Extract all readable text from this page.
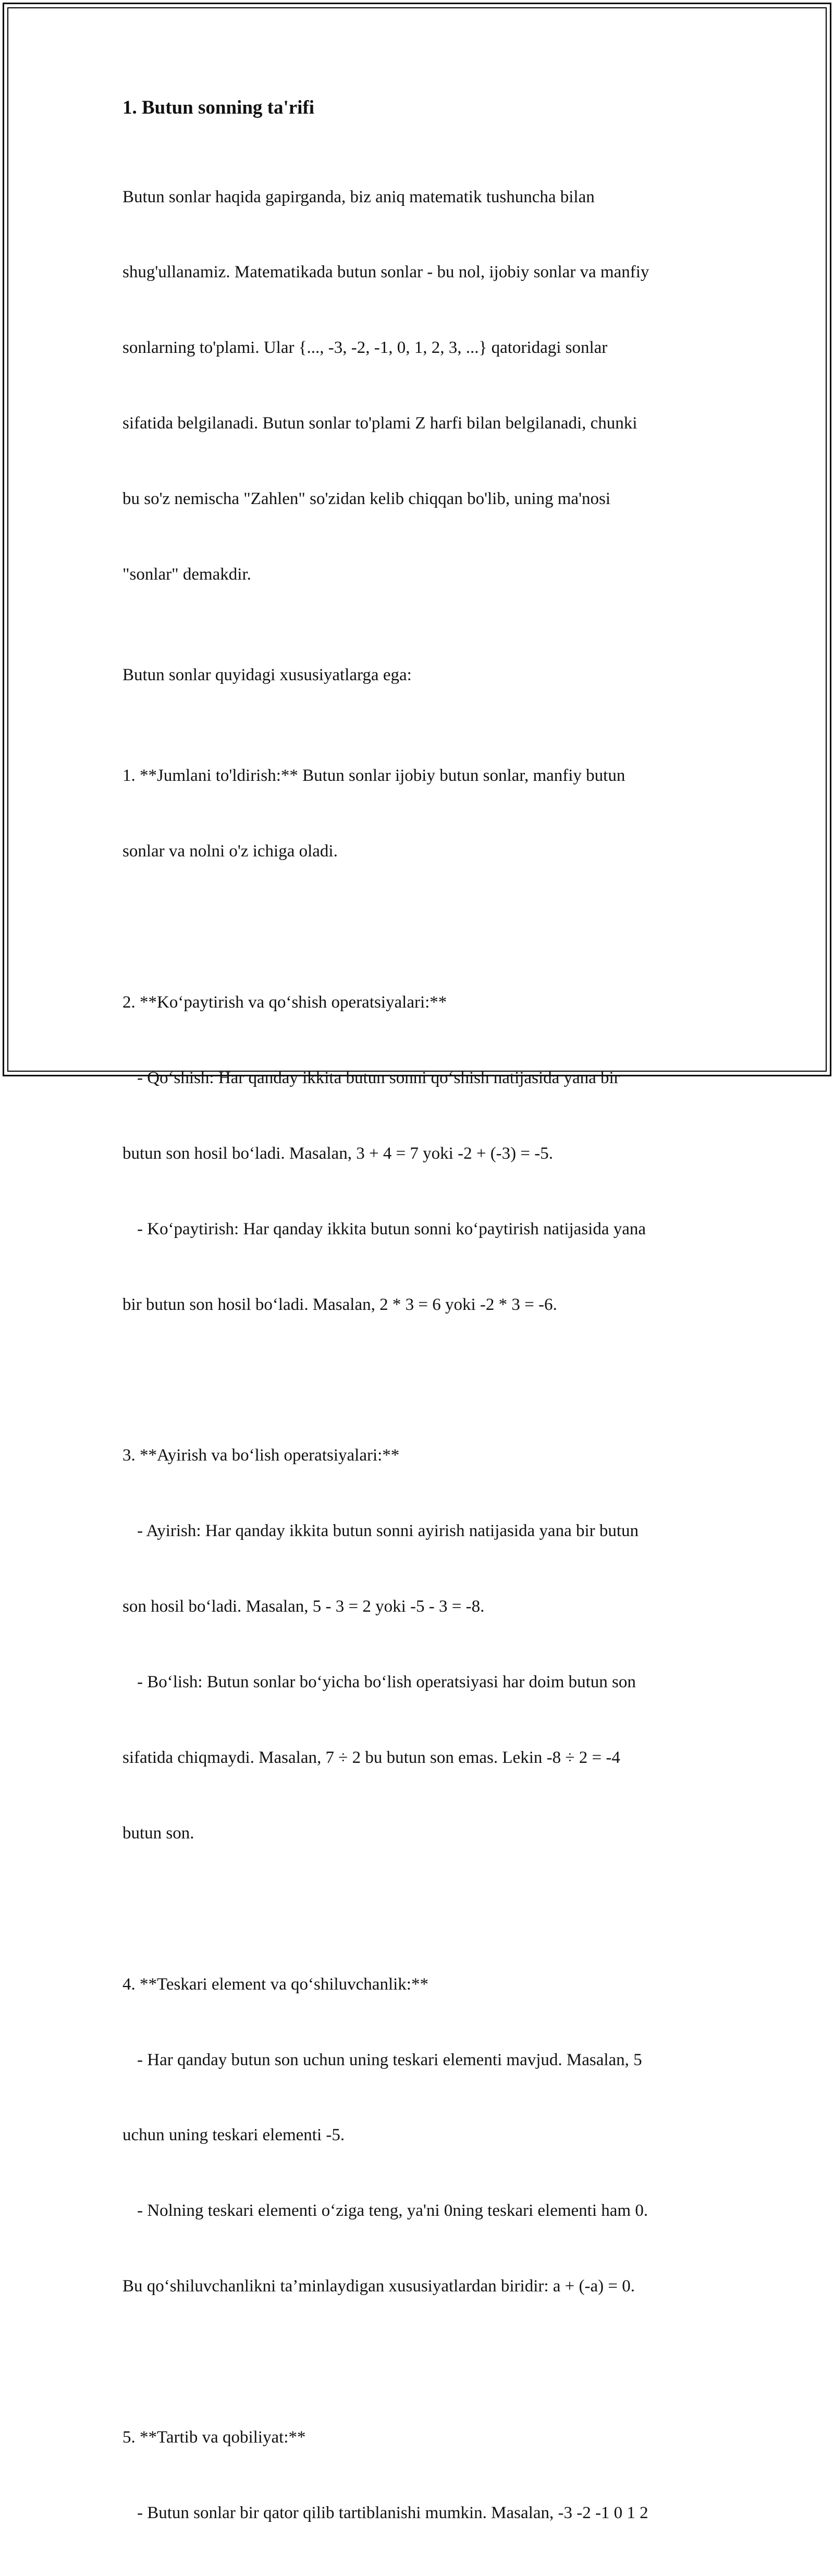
1. Butun sonning ta'rifi

Butun sonlar haqida gapirganda, biz aniq matematik tushuncha bilan

shug'ullanamiz. Matematikada butun sonlar - bu nol, ijobiy sonlar va manfiy

sonlarning to'plami. Ular {..., -3, -2, -1, 0, 1, 2, 3, ...} qatoridagi sonlar

sifatida belgilanadi. Butun sonlar to'plami Z harfi bilan belgilanadi, chunki

bu so'z nemischa "Zahlen" so'zidan kelib chiqqan bo'lib, uning ma'nosi

"sonlar" demakdir.

Butun sonlar quyidagi xususiyatlarga ega:

1. **Jumlani to'ldirish:** Butun sonlar ijobiy butun sonlar, manfiy butun

sonlar va nolni o'z ichiga oladi.

2. **Ko‘paytirish va qo‘shish operatsiyalari:**

- Qo‘shish: Har qanday ikkita butun sonni qo‘shish natijasida yana bir

butun son hosil bo‘ladi. Masalan, 3 + 4 = 7 yoki -2 + (-3) = -5.

- Ko‘paytirish: Har qanday ikkita butun sonni ko‘paytirish natijasida yana

bir butun son hosil bo‘ladi. Masalan, 2 * 3 = 6 yoki -2 * 3 = -6.

3. **Ayirish va bo‘lish operatsiyalari:**

- Ayirish: Har qanday ikkita butun sonni ayirish natijasida yana bir butun

son hosil bo‘ladi. Masalan, 5 - 3 = 2 yoki -5 - 3 = -8.

- Bo‘lish: Butun sonlar bo‘yicha bo‘lish operatsiyasi har doim butun son

sifatida chiqmaydi. Masalan, 7 ÷ 2 bu butun son emas. Lekin -8 ÷ 2 = -4

butun son.

4. **Teskari element va qo‘shiluvchanlik:**

- Har qanday butun son uchun uning teskari elementi mavjud. Masalan, 5

uchun uning teskari elementi -5.

- Nolning teskari elementi o‘ziga teng, ya'ni 0ning teskari elementi ham 0.

Bu qo‘shiluvchanlikni ta’minlaydigan xususiyatlardan biridir: a + (-a) = 0.

5. **Tartib va qobiliyat:**

- Butun sonlar bir qator qilib tartiblanishi mumkin. Masalan, -3 -2 -1 0 1 2
